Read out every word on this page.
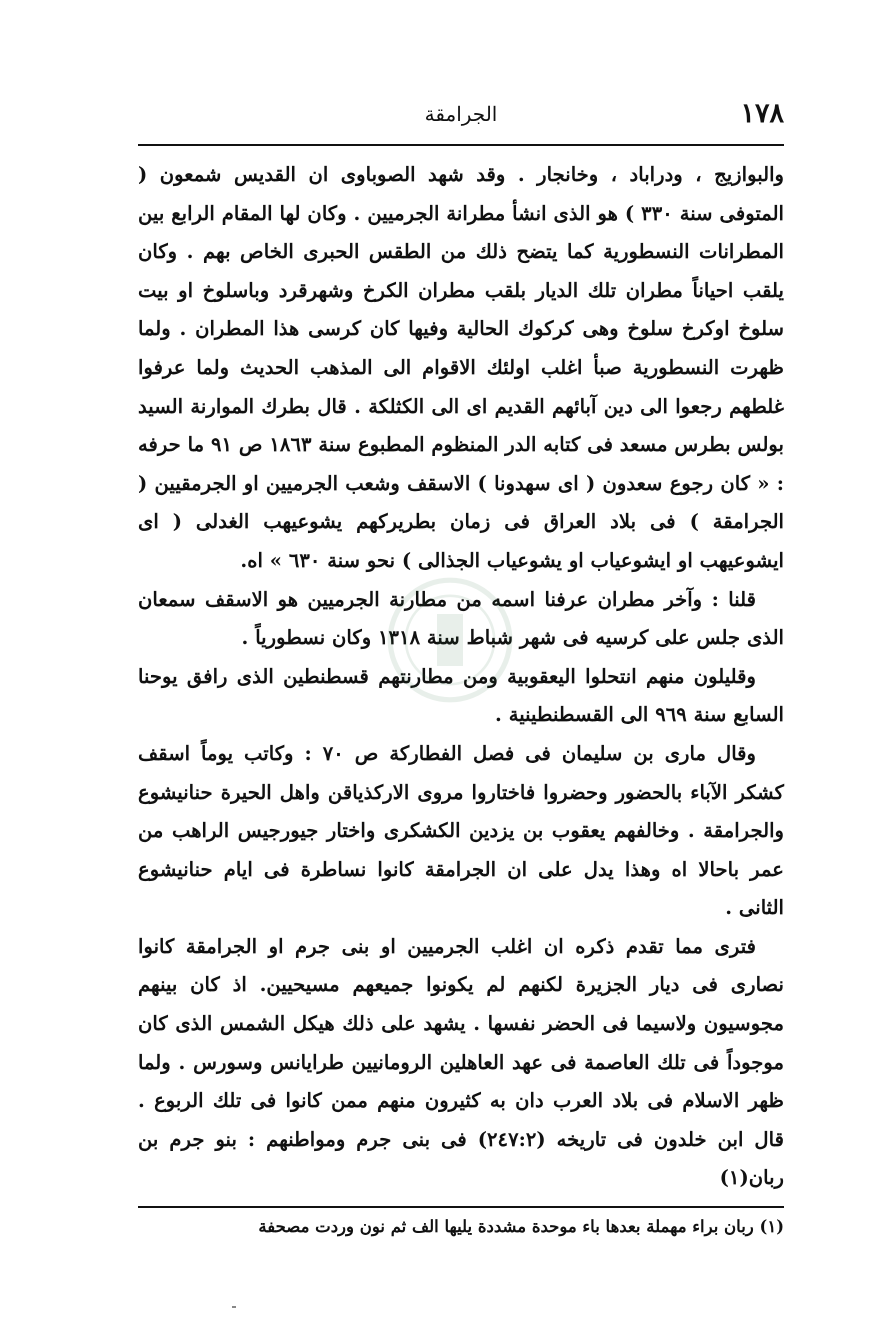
١٧٨
الجرامقة

والبوازيج ، ودراباد ، وخانجار . وقد شهد الصوباوى ان القديس شمعون ( المتوفى سنة ٣٣٠ ) هو الذى انشأ مطرانة الجرميين . وكان لها المقام الرابع بين المطرانات النسطورية كما يتضح ذلك من الطقس الحبرى الخاص بهم . وكان يلقب احياناً مطران تلك الديار بلقب مطران الكرخ وشهرقرد وباسلوخ او بيت سلوخ اوكرخ سلوخ وهى كركوك الحالية وفيها كان كرسى هذا المطران . ولما ظهرت النسطورية صبأ اغلب اولئك الاقوام الى المذهب الحديث ولما عرفوا غلطهم رجعوا الى دين آبائهم القديم اى الى الكثلكة . قال بطرك الموارنة السيد بولس بطرس مسعد فى كتابه الدر المنظوم المطبوع سنة ١٨٦٣ ص ٩١ ما حرفه : « كان رجوع سعدون ( اى سهدونا ) الاسقف وشعب الجرميين او الجرمقيين ( الجرامقة ) فى بلاد العراق فى زمان بطريركهم يشوعيهب الغدلى ( اى ايشوعيهب او ايشوعياب او يشوعياب الجذالى ) نحو سنة ٦٣٠ » اه.

قلنا : وآخر مطران عرفنا اسمه من مطارنة الجرميين هو الاسقف سمعان الذى جلس على كرسيه فى شهر شباط سنة ١٣١٨ وكان نسطورياً .

وقليلون منهم انتحلوا اليعقوبية ومن مطارنتهم قسطنطين الذى رافق يوحنا السابع سنة ٩٦٩ الى القسطنطينية .

وقال مارى بن سليمان فى فصل الفطاركة ص ٧٠ : وكاتب يوماً اسقف كشكر الآباء بالحضور وحضروا فاختاروا مروى الاركذياقن واهل الحيرة حنانيشوع والجرامقة . وخالفهم يعقوب بن يزدين الكشكرى واختار جيورجيس الراهب من عمر باحالا اه وهذا يدل على ان الجرامقة كانوا نساطرة فى ايام حنانيشوع الثانى .

فترى مما تقدم ذكره ان اغلب الجرميين او بنى جرم او الجرامقة كانوا نصارى فى ديار الجزيرة لكنهم لم يكونوا جميعهم مسيحيين. اذ كان بينهم مجوسيون ولاسيما فى الحضر نفسها . يشهد على ذلك هيكل الشمس الذى كان موجوداً فى تلك العاصمة فى عهد العاهلين الرومانيين طرايانس وسورس . ولما ظهر الاسلام فى بلاد العرب دان به كثيرون منهم ممن كانوا فى تلك الربوع . قال ابن خلدون فى تاريخه (٢٤٧:٢) فى بنى جرم ومواطنهم : بنو جرم بن ربان(١)

(١) ربان براء مهملة بعدها باء موحدة مشددة يليها الف ثم نون وردت مصحفة
